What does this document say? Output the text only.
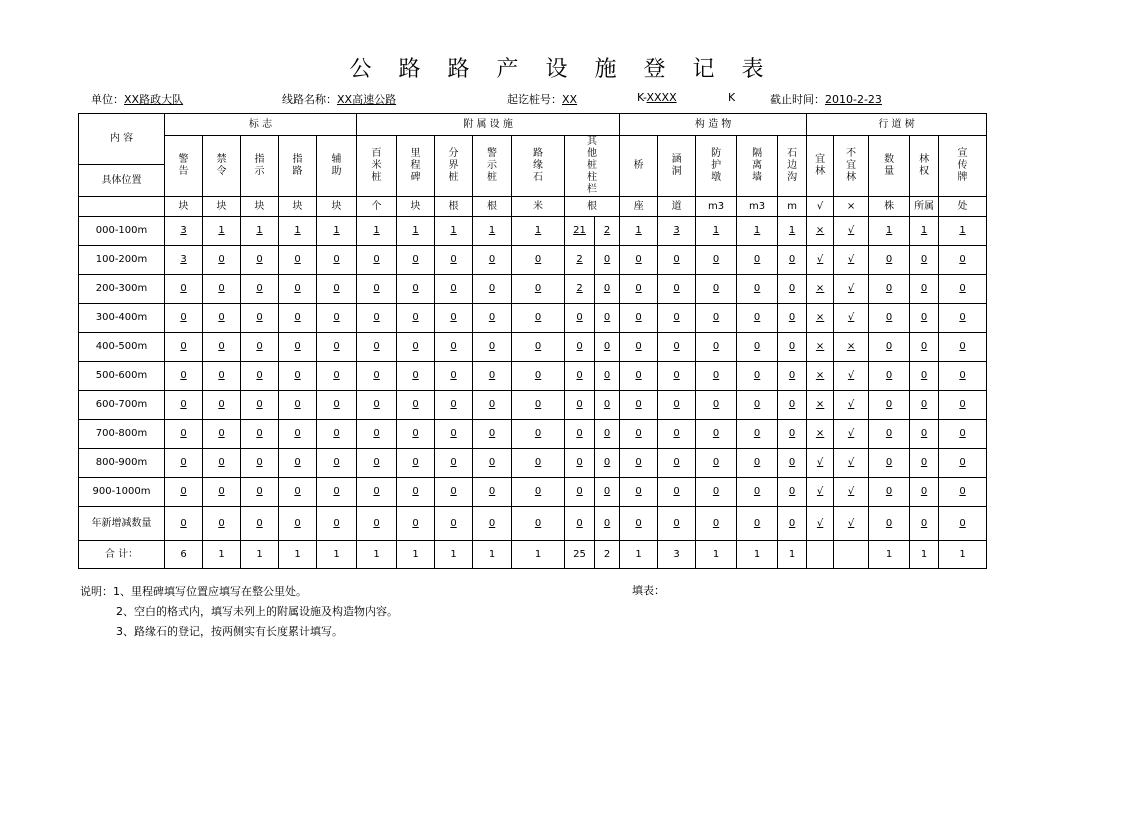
公 路 路 产 设 施 登 记 表
单位：XX路政大队	线路名称：XX高速公路	起讫桩号：XX	K-XXXX	K	截止时间：2010-2-23
内 容	标 志					附 属 设 施							构 造 物					行 道 树				
	警告	禁令	指示	指路	辅助	百米桩	里程碑	分界桩	警示桩	路缘石	其他桩柱栏		桥	涵洞	防护墩	隔离墙	石边沟	宜林	不宜林	数量	林权	宣传牌
具体位置																						
	块	块	块	块	块	个	块	根	根	米	根		座	道	m3	m3	m	√	×	株	所属	处
000-100m	3	1	1	1	1	1	1	1	1	1	21	2	1	3	1	1	1	×	√	1	1	1
100-200m	3	0	0	0	0	0	0	0	0	0	2	0	0	0	0	0	0	√	√	0	0	0
200-300m	0	0	0	0	0	0	0	0	0	0	2	0	0	0	0	0	0	×	√	0	0	0
300-400m	0	0	0	0	0	0	0	0	0	0	0	0	0	0	0	0	0	×	√	0	0	0
400-500m	0	0	0	0	0	0	0	0	0	0	0	0	0	0	0	0	0	×	×	0	0	0
500-600m	0	0	0	0	0	0	0	0	0	0	0	0	0	0	0	0	0	×	√	0	0	0
600-700m	0	0	0	0	0	0	0	0	0	0	0	0	0	0	0	0	0	×	√	0	0	0
700-800m	0	0	0	0	0	0	0	0	0	0	0	0	0	0	0	0	0	×	√	0	0	0
800-900m	0	0	0	0	0	0	0	0	0	0	0	0	0	0	0	0	0	√	√	0	0	0
900-1000m	0	0	0	0	0	0	0	0	0	0	0	0	0	0	0	0	0	√	√	0	0	0
年新增减数量	0	0	0	0	0	0	0	0	0	0	0	0	0	0	0	0	0	√	√	0	0	0
合 计：	6	1	1	1	1	1	1	1	1	1	25	2	1	3	1	1	1			1	1	1
说明：1、里程碑填写位置应填写在整公里处。
2、空白的格式内，填写未列上的附属设施及构造物内容。
3、路缘石的登记，按两侧实有长度累计填写。
填表：
